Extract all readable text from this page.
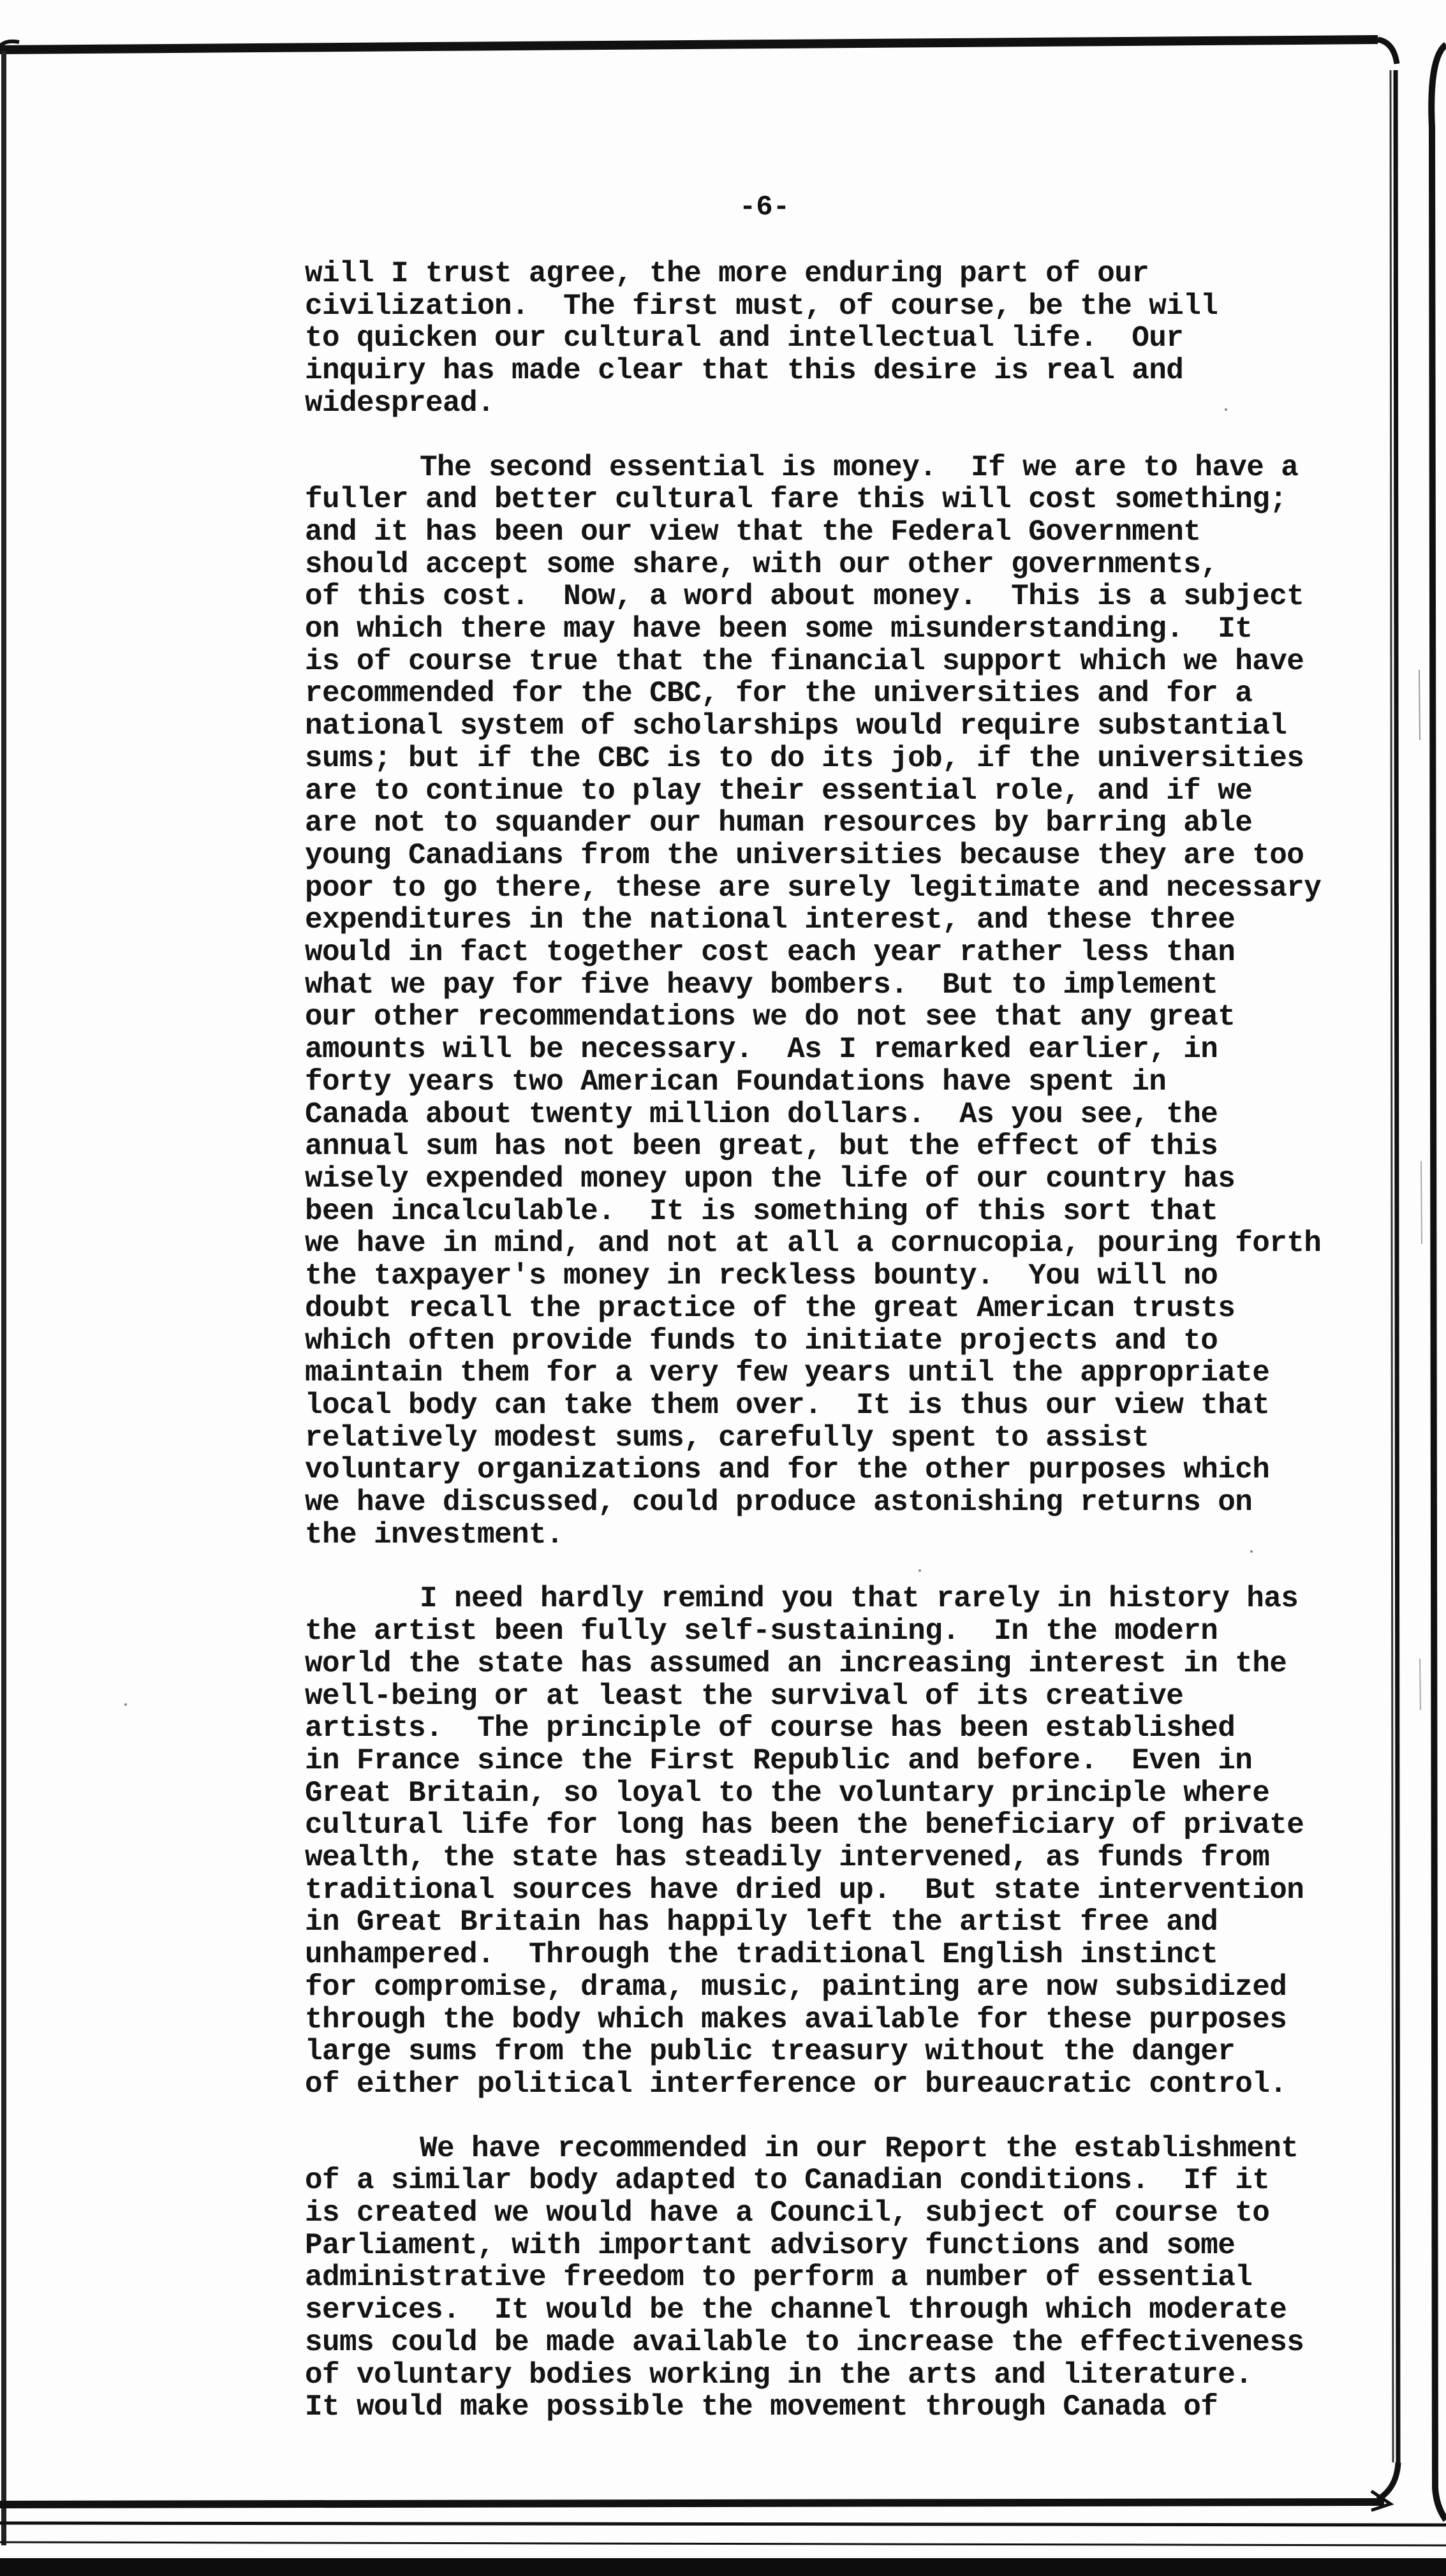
-6-
will I trust agree, the more enduring part of our
civilization.  The first must, of course, be the will
to quicken our cultural and intellectual life.  Our
inquiry has made clear that this desire is real and
widespread.
The second essential is money.  If we are to have a
fuller and better cultural fare this will cost something;
and it has been our view that the Federal Government
should accept some share, with our other governments,
of this cost.  Now, a word about money.  This is a subject
on which there may have been some misunderstanding.  It
is of course true that the financial support which we have
recommended for the CBC, for the universities and for a
national system of scholarships would require substantial
sums; but if the CBC is to do its job, if the universities
are to continue to play their essential role, and if we
are not to squander our human resources by barring able
young Canadians from the universities because they are too
poor to go there, these are surely legitimate and necessary
expenditures in the national interest, and these three
would in fact together cost each year rather less than
what we pay for five heavy bombers.  But to implement
our other recommendations we do not see that any great
amounts will be necessary.  As I remarked earlier, in
forty years two American Foundations have spent in
Canada about twenty million dollars.  As you see, the
annual sum has not been great, but the effect of this
wisely expended money upon the life of our country has
been incalculable.  It is something of this sort that
we have in mind, and not at all a cornucopia, pouring forth
the taxpayer's money in reckless bounty.  You will no
doubt recall the practice of the great American trusts
which often provide funds to initiate projects and to
maintain them for a very few years until the appropriate
local body can take them over.  It is thus our view that
relatively modest sums, carefully spent to assist
voluntary organizations and for the other purposes which
we have discussed, could produce astonishing returns on
the investment.
I need hardly remind you that rarely in history has
the artist been fully self-sustaining.  In the modern
world the state has assumed an increasing interest in the
well-being or at least the survival of its creative
artists.  The principle of course has been established
in France since the First Republic and before.  Even in
Great Britain, so loyal to the voluntary principle where
cultural life for long has been the beneficiary of private
wealth, the state has steadily intervened, as funds from
traditional sources have dried up.  But state intervention
in Great Britain has happily left the artist free and
unhampered.  Through the traditional English instinct
for compromise, drama, music, painting are now subsidized
through the body which makes available for these purposes
large sums from the public treasury without the danger
of either political interference or bureaucratic control.
We have recommended in our Report the establishment
of a similar body adapted to Canadian conditions.  If it
is created we would have a Council, subject of course to
Parliament, with important advisory functions and some
administrative freedom to perform a number of essential
services.  It would be the channel through which moderate
sums could be made available to increase the effectiveness
of voluntary bodies working in the arts and literature.
It would make possible the movement through Canada of
